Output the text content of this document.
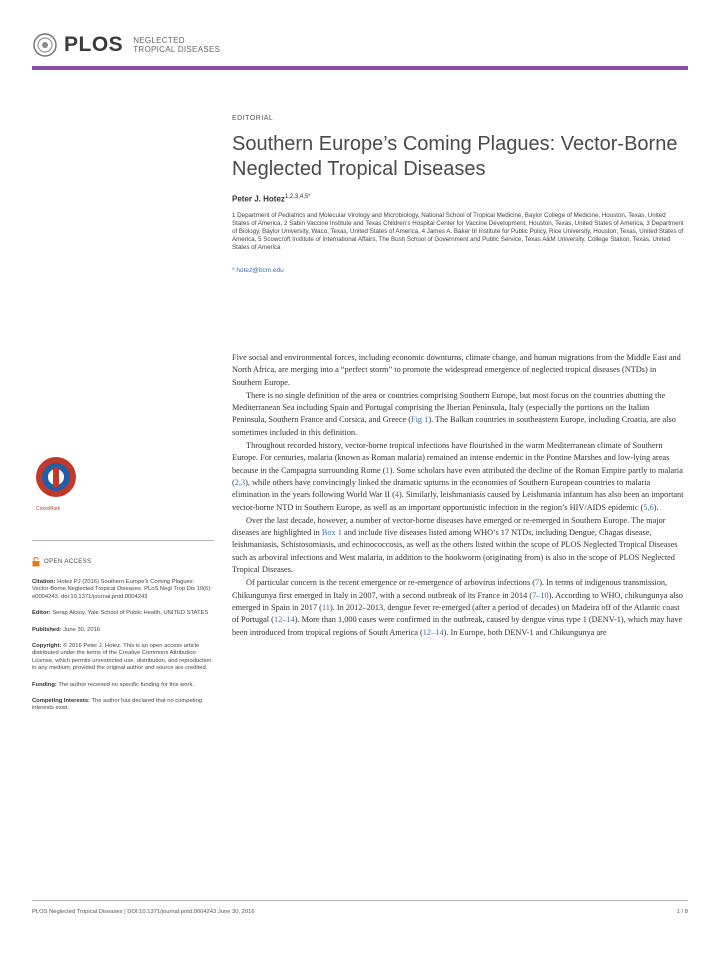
PLOS NEGLECTED
TROPICAL DISEASES
EDITORIAL
Southern Europe’s Coming Plagues: Vector-Borne Neglected Tropical Diseases
Peter J. Hotez$^{1,2,3,4,5*}$

1 Department of Pediatrics and Molecular Virology and Microbiology, National School of Tropical Medicine, Baylor College of Medicine, Houston, Texas, United States of America, 2 Sabin Vaccine Institute and Texas Children’s Hospital Center for Vaccine Development, Houston, Texas, United States of America, 3 Department of Biology, Baylor University, Waco, Texas, United States of America, 4 James A. Baker III Institute for Public Policy, Rice University, Houston, Texas, United States of America, 5 Scowcroft Institute of International Affairs, The Bush School of Government and Public Service, Texas A&M University, College Station, Texas, United States of America

* hotez@bcm.edu

Five social and environmental forces, including economic downturns, climate change, and human migrations from the Middle East and North Africa, are merging into a “perfect storm” to promote the widespread emergence of neglected tropical diseases (NTDs) in Southern Europe.

There is no single definition of the area or countries comprising Southern Europe, but most focus on the countries abutting the Mediterranean Sea including Spain and Portugal comprising the Iberian Peninsula, Italy (especially the portions on the Italian Peninsula, Southern France and Corsica, and Greece (Fig 1). The Balkan countries in southeastern Europe, including Croatia, are also sometimes included in this definition.

Throughout recorded history, vector-borne tropical infections have flourished in the warm Mediterranean climate of Southern Europe. For centuries, malaria (known as Roman malaria) remained an intense endemic in the Pontine Marshes and low-lying areas because in the Campagna surrounding Rome (1). Some scholars have even attributed the decline of the Roman Empire partly to malaria (2,3), while others have convincingly linked the dramatic upturns in the economies of Southern European countries to malaria elimination in the years following World War II (4). Similarly, leishmaniasis caused by Leishmania infantum has also been an important vector-borne NTD in Southern Europe, as well as an important opportunistic infection in the region’s HIV/AIDS epidemic (5,6).

Over the last decade, however, a number of vector-borne diseases have emerged or re-emerged in Southern Europe. The major diseases are highlighted in Box 1 and include five diseases listed among WHO’s 17 NTDs, including Dengue, Chagas disease, leishmaniasis, Schistosomiasis, and echinococcosis, as well as the others listed within the scope of PLOS Neglected Tropical Diseases such as arboviral infections and West malaria, in addition to the hookworm (originating from) is also in the scope of PLOS Neglected Tropical Diseases.

Of particular concern is the recent emergence or re-emergence of arbovirus infections (7). In terms of indigenous transmission, Chikungunya first emerged in Italy in 2007, with a second outbreak of its France in 2014 (7–10). According to WHO, chikungunya also emerged in Spain in 2017 (11). In 2012–2013, dengue fever re-emerged (after a period of decades) on Madeira off of the Atlantic coast of Portugal (12–14). More than 1,000 cases were confirmed in the outbreak, caused by dengue virus type 1 (DENV-1), which may have been introduced from tropical regions of South America (12–14). In Europe, both DENV-1 and Chikungunya are

CrossMark
OPEN ACCESS
Citation: Hotez PJ (2016) Southern Europe’s Coming Plagues: Vector-Borne Neglected Tropical Diseases. PLoS Negl Trop Dis 10(6): e0004243. doi:10.1371/journal.pntd.0004243
Editor: Serap Aksoy, Yale School of Public Health, UNITED STATES
Published: June 30, 2016
Copyright: © 2016 Peter J. Hotez. This is an open access article distributed under the terms of the Creative Commons Attribution License, which permits unrestricted use, distribution, and reproduction in any medium, provided the original author and source are credited.
Funding: The author received no specific funding for this work.
Competing Interests: The author has declared that no competing interests exist.
PLOS Neglected Tropical Diseases | DOI:10.1371/journal.pntd.0004243 June 30, 2016	1 / 8
